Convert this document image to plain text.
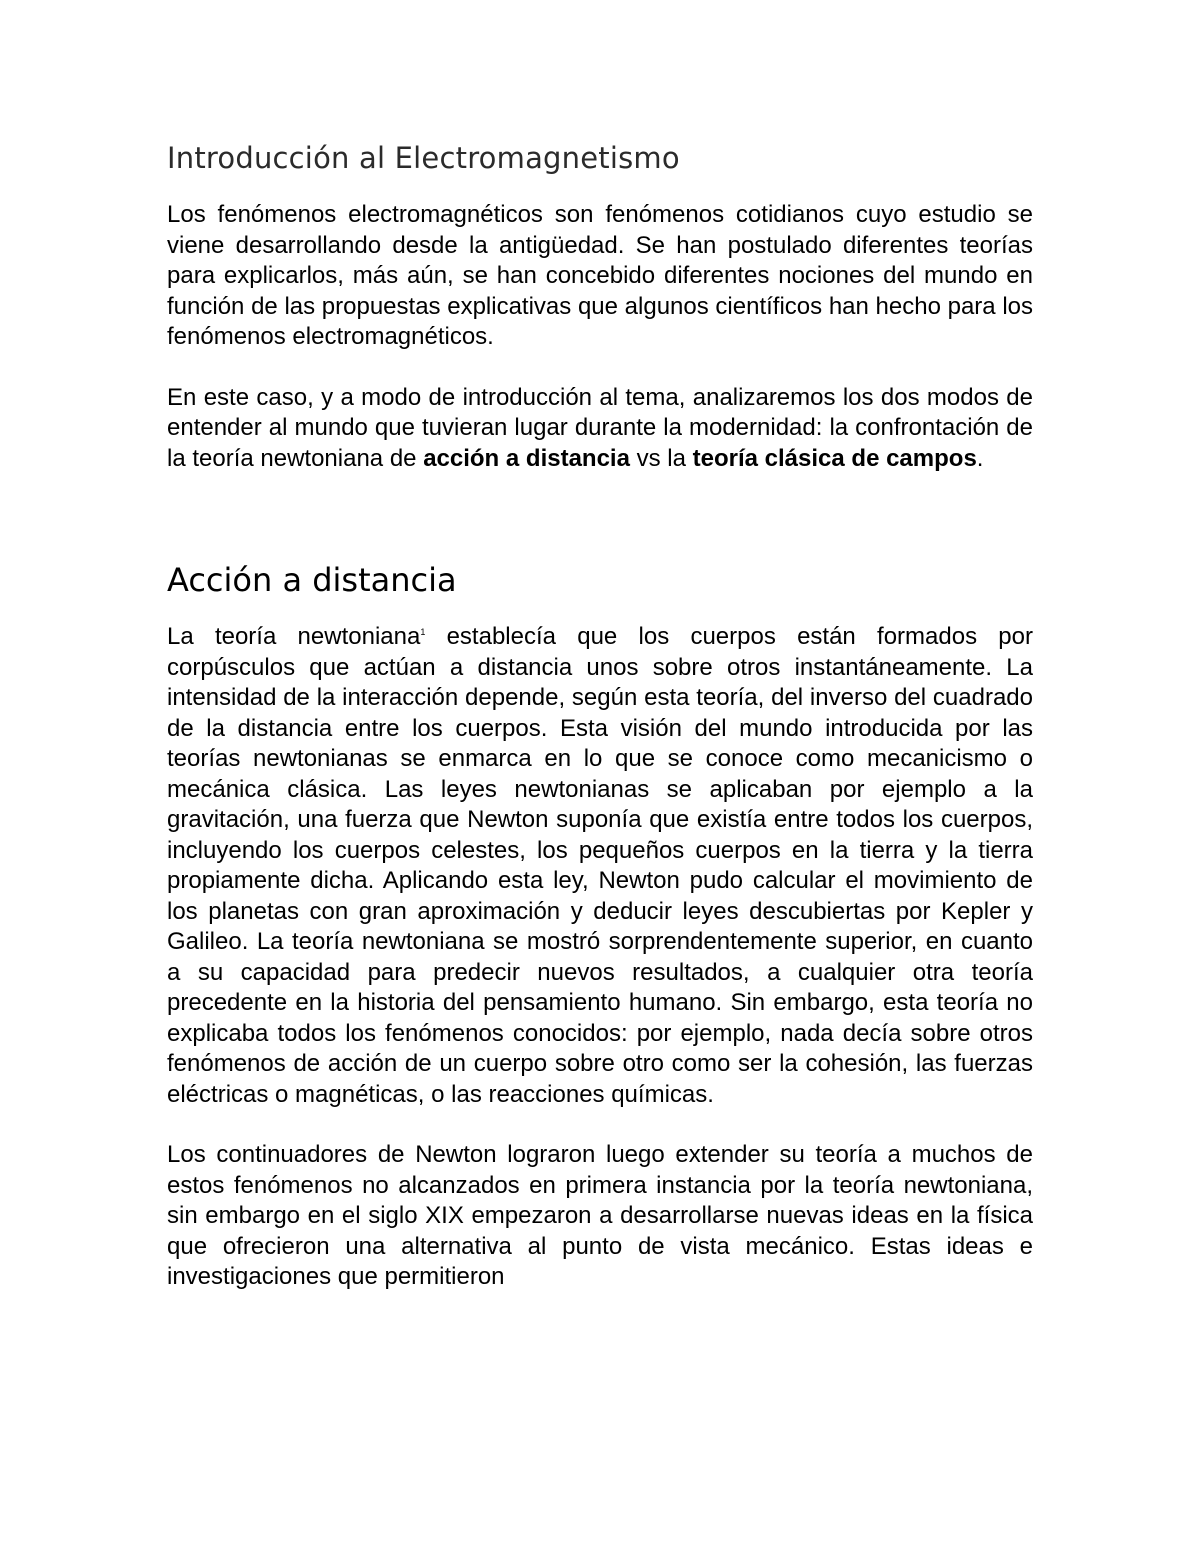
Introducción al Electromagnetismo

Los fenómenos electromagnéticos son fenómenos cotidianos cuyo estudio se viene desarrollando desde la antigüedad. Se han postulado diferentes teorías para explicarlos, más aún, se han concebido diferentes nociones del mundo en función de las propuestas explicativas que algunos científicos han hecho para los fenómenos electromagnéticos.

En este caso, y a modo de introducción al tema, analizaremos los dos modos de entender al mundo que tuvieran lugar durante la modernidad: la confrontación de la teoría newtoniana de acción a distancia vs la teoría clásica de campos.

Acción a distancia

La teoría newtoniana$^1$ establecía que los cuerpos están formados por corpúsculos que actúan a distancia unos sobre otros instantáneamente. La intensidad de la interacción depende, según esta teoría, del inverso del cuadrado de la distancia entre los cuerpos. Esta visión del mundo introducida por las teorías newtonianas se enmarca en lo que se conoce como mecanicismo o mecánica clásica. Las leyes newtonianas se aplicaban por ejemplo a la gravitación, una fuerza que Newton suponía que existía entre todos los cuerpos, incluyendo los cuerpos celestes, los pequeños cuerpos en la tierra y la tierra propiamente dicha. Aplicando esta ley, Newton pudo calcular el movimiento de los planetas con gran aproximación y deducir leyes descubiertas por Kepler y Galileo. La teoría newtoniana se mostró sorprendentemente superior, en cuanto a su capacidad para predecir nuevos resultados, a cualquier otra teoría precedente en la historia del pensamiento humano. Sin embargo, esta teoría no explicaba todos los fenómenos conocidos: por ejemplo, nada decía sobre otros fenómenos de acción de un cuerpo sobre otro como ser la cohesión, las fuerzas eléctricas o magnéticas, o las reacciones químicas.

Los continuadores de Newton lograron luego extender su teoría a muchos de estos fenómenos no alcanzados en primera instancia por la teoría newtoniana, sin embargo en el siglo XIX empezaron a desarrollarse nuevas ideas en la física que ofrecieron una alternativa al punto de vista mecánico. Estas ideas e investigaciones que permitieron
